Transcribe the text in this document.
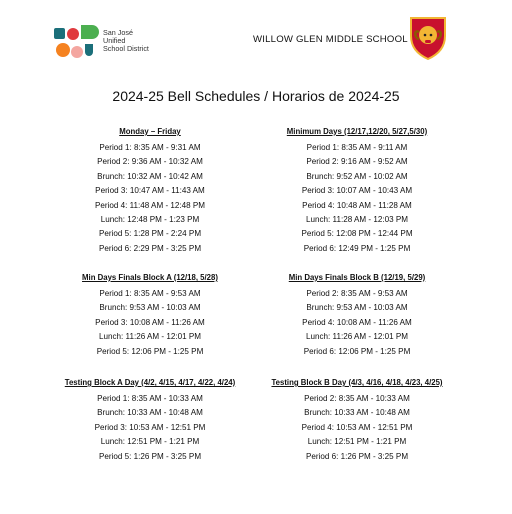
San José
Unified
School District
WILLOW GLEN MIDDLE SCHOOL
2024-25 Bell Schedules / Horarios de 2024-25
Monday – Friday
Period 1: 8:35 AM - 9:31 AM
Period 2: 9:36 AM - 10:32 AM
Brunch: 10:32 AM - 10:42 AM
Period 3: 10:47 AM - 11:43 AM
Period 4: 11:48 AM - 12:48 PM
Lunch: 12:48 PM - 1:23 PM
Period 5: 1:28 PM - 2:24 PM
Period 6: 2:29 PM - 3:25 PM
Minimum Days (12/17,12/20, 5/27,5/30)
Period 1: 8:35 AM - 9:11 AM
Period 2: 9:16 AM - 9:52 AM
Brunch: 9:52 AM - 10:02 AM
Period 3: 10:07 AM - 10:43 AM
Period 4: 10:48 AM - 11:28 AM
Lunch: 11:28 AM - 12:03 PM
Period 5: 12:08 PM - 12:44 PM
Period 6: 12:49 PM - 1:25 PM
Min Days Finals Block A (12/18, 5/28)
Period 1: 8:35 AM - 9:53 AM
Brunch: 9:53 AM - 10:03 AM
Period 3: 10:08 AM - 11:26 AM
Lunch: 11:26 AM - 12:01 PM
Period 5: 12:06 PM - 1:25 PM
Min Days Finals Block B (12/19, 5/29)
Period 2: 8:35 AM - 9:53 AM
Brunch: 9:53 AM - 10:03 AM
Period 4: 10:08 AM - 11:26 AM
Lunch: 11:26 AM - 12:01 PM
Period 6: 12:06 PM - 1:25 PM
Testing Block A Day (4/2, 4/15, 4/17, 4/22, 4/24)
Period 1: 8:35 AM - 10:33 AM
Brunch: 10:33 AM - 10:48 AM
Period 3: 10:53 AM - 12:51 PM
Lunch: 12:51 PM - 1:21 PM
Period 5: 1:26 PM - 3:25 PM
Testing Block B Day (4/3, 4/16, 4/18, 4/23, 4/25)
Period 2: 8:35 AM - 10:33 AM
Brunch: 10:33 AM - 10:48 AM
Period 4: 10:53 AM - 12:51 PM
Lunch: 12:51 PM - 1:21 PM
Period 6: 1:26 PM - 3:25 PM
